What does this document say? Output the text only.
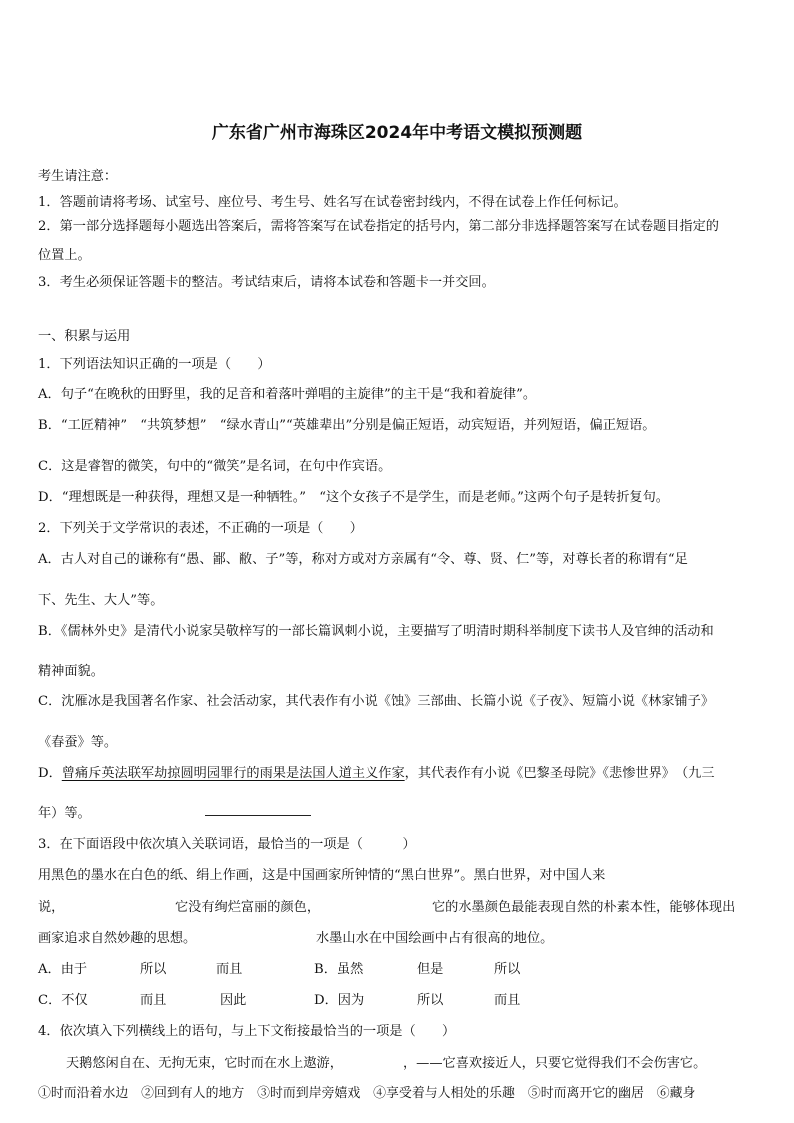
广东省广州市海珠区2024年中考语文模拟预测题
考生请注意：
1．答题前请将考场、试室号、座位号、考生号、姓名写在试卷密封线内，不得在试卷上作任何标记。
2．第一部分选择题每小题选出答案后，需将答案写在试卷指定的括号内，第二部分非选择题答案写在试卷题目指定的
位置上。
3．考生必须保证答题卡的整洁。考试结束后，请将本试卷和答题卡一并交回。
一、积累与运用
1．下列语法知识正确的一项是（　　）
A．句子“在晚秋的田野里，我的足音和着落叶弹唱的主旋律”的主干是“我和着旋律”。
B．“工匠精神”　“共筑梦想”　“绿水青山”“英雄辈出”分别是偏正短语，动宾短语，并列短语，偏正短语。
C．这是睿智的微笑，句中的“微笑”是名词，在句中作宾语。
D．“理想既是一种获得，理想又是一种牺牲。”　“这个女孩子不是学生，而是老师。”这两个句子是转折复句。
2．下列关于文学常识的表述，不正确的一项是（　　）
A．古人对自己的谦称有“愚、鄙、敝、子”等，称对方或对方亲属有“令、尊、贤、仁”等，对尊长者的称谓有“足
下、先生、大人”等。
B．《儒林外史》是清代小说家吴敬梓写的一部长篇讽刺小说，主要描写了明清时期科举制度下读书人及官绅的活动和
精神面貌。
C．沈雁冰是我国著名作家、社会活动家，其代表作有小说《蚀》三部曲、长篇小说《子夜》、短篇小说《林家铺子》
《春蚕》等。
D．曾痛斥英法联军劫掠圆明园罪行的雨果是法国人道主义作家，其代表作有小说《巴黎圣母院》《悲惨世界》　（九三
年）等。
3．在下面语段中依次填入关联词语，最恰当的一项是（　　　）
用黑色的墨水在白色的纸、绢上作画，这是中国画家所钟情的“黑白世界”。黑白世界，对中国人来
说，	它没有绚烂富丽的颜色，	它的水墨颜色最能表现自然的朴素本性，能够体现出
画家追求自然妙趣的思想。	水墨山水在中国绘画中占有很高的地位。
A．由于	所以	而且	B．虽然	但是	所以
C．不仅	而且	因此	D．因为	所以	而且
4．依次填入下列横线上的语句，与上下文衔接最恰当的一项是（　　）
天鹅悠闲自在、无拘无束，它时而在水上遨游，	，——它喜欢接近人，只要它觉得我们不会伤害它。
①时而沿着水边　②回到有人的地方　③时而到岸旁嬉戏　④享受着与人相处的乐趣　⑤时而离开它的幽居　⑥藏身
